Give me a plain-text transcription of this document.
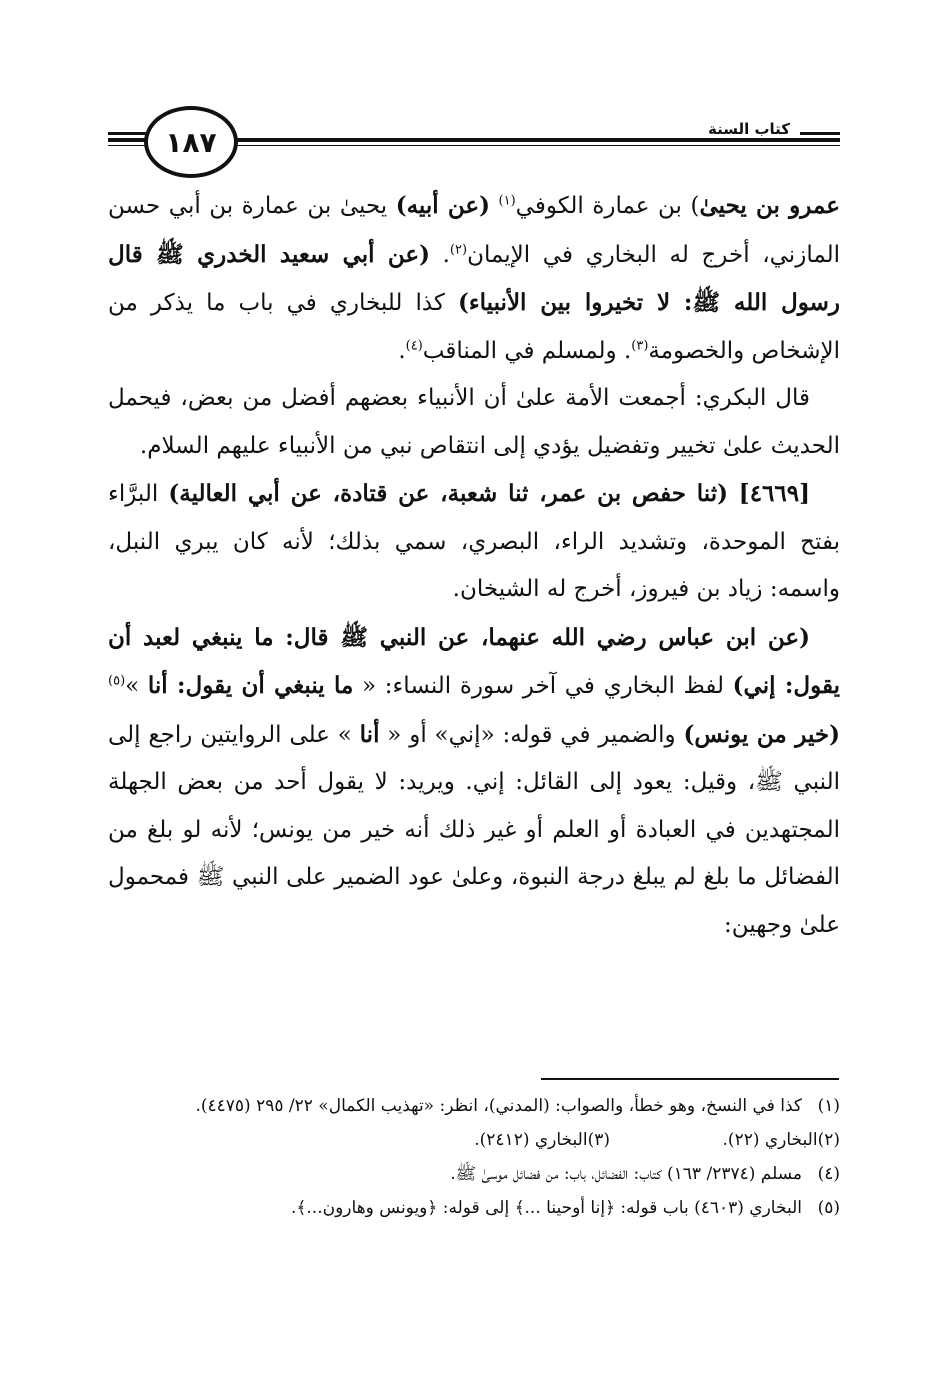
١٨٧	كتاب السنة

عمرو بن يحيىٰ) بن عمارة الكوفي$^{(١)}$ (عن أبيه) يحيىٰ بن عمارة بن أبي حسن المازني، أخرج له البخاري في الإيمان$^{(٢)}$. (عن أبي سعيد الخدري ﷺ قال رسول الله ﷺ: لا تخيروا بين الأنبياء) كذا للبخاري في باب ما يذكر من الإشخاص والخصومة$^{(٣)}$. ولمسلم في المناقب$^{(٤)}$.

قال البكري: أجمعت الأمة علىٰ أن الأنبياء بعضهم أفضل من بعض، فيحمل الحديث علىٰ تخيير وتفضيل يؤدي إلى انتقاص نبي من الأنبياء عليهم السلام.

[٤٦٦٩] (ثنا حفص بن عمر، ثنا شعبة، عن قتادة، عن أبي العالية) البرَّاء بفتح الموحدة، وتشديد الراء، البصري، سمي بذلك؛ لأنه كان يبري النبل، واسمه: زياد بن فيروز، أخرج له الشيخان.

(عن ابن عباس رضي الله عنهما، عن النبي ﷺ قال: ما ينبغي لعبد أن يقول: إني) لفظ البخاري في آخر سورة النساء: « ما ينبغي أن يقول: أنا »$^{(٥)}$ (خير من يونس) والضمير في قوله: «إني» أو « أنا » على الروايتين راجع إلى النبي ﷺ، وقيل: يعود إلى القائل: إني. ويريد: لا يقول أحد من بعض الجهلة المجتهدين في العبادة أو العلم أو غير ذلك أنه خير من يونس؛ لأنه لو بلغ من الفضائل ما بلغ لم يبلغ درجة النبوة، وعلىٰ عود الضمير على النبي ﷺ فمحمول علىٰ وجهين:

(١)
كذا في النسخ، وهو خطأ، والصواب: (المدني)، انظر: «تهذيب الكمال» ٢٢/ ٢٩٥ (٤٤٧٥).

(٢)
البخاري (٢٢).
(٣)
البخاري (٢٤١٢).

(٤)
مسلم (٢٣٧٤/ ١٦٣) كتاب: الفضائل، باب: من فضائل موسىٰ ﷺ.

(٥)
البخاري (٤٦٠٣) باب قوله: ﴿إنا أوحينا ...﴾ إلى قوله: ﴿ويونس وهارون...﴾.
